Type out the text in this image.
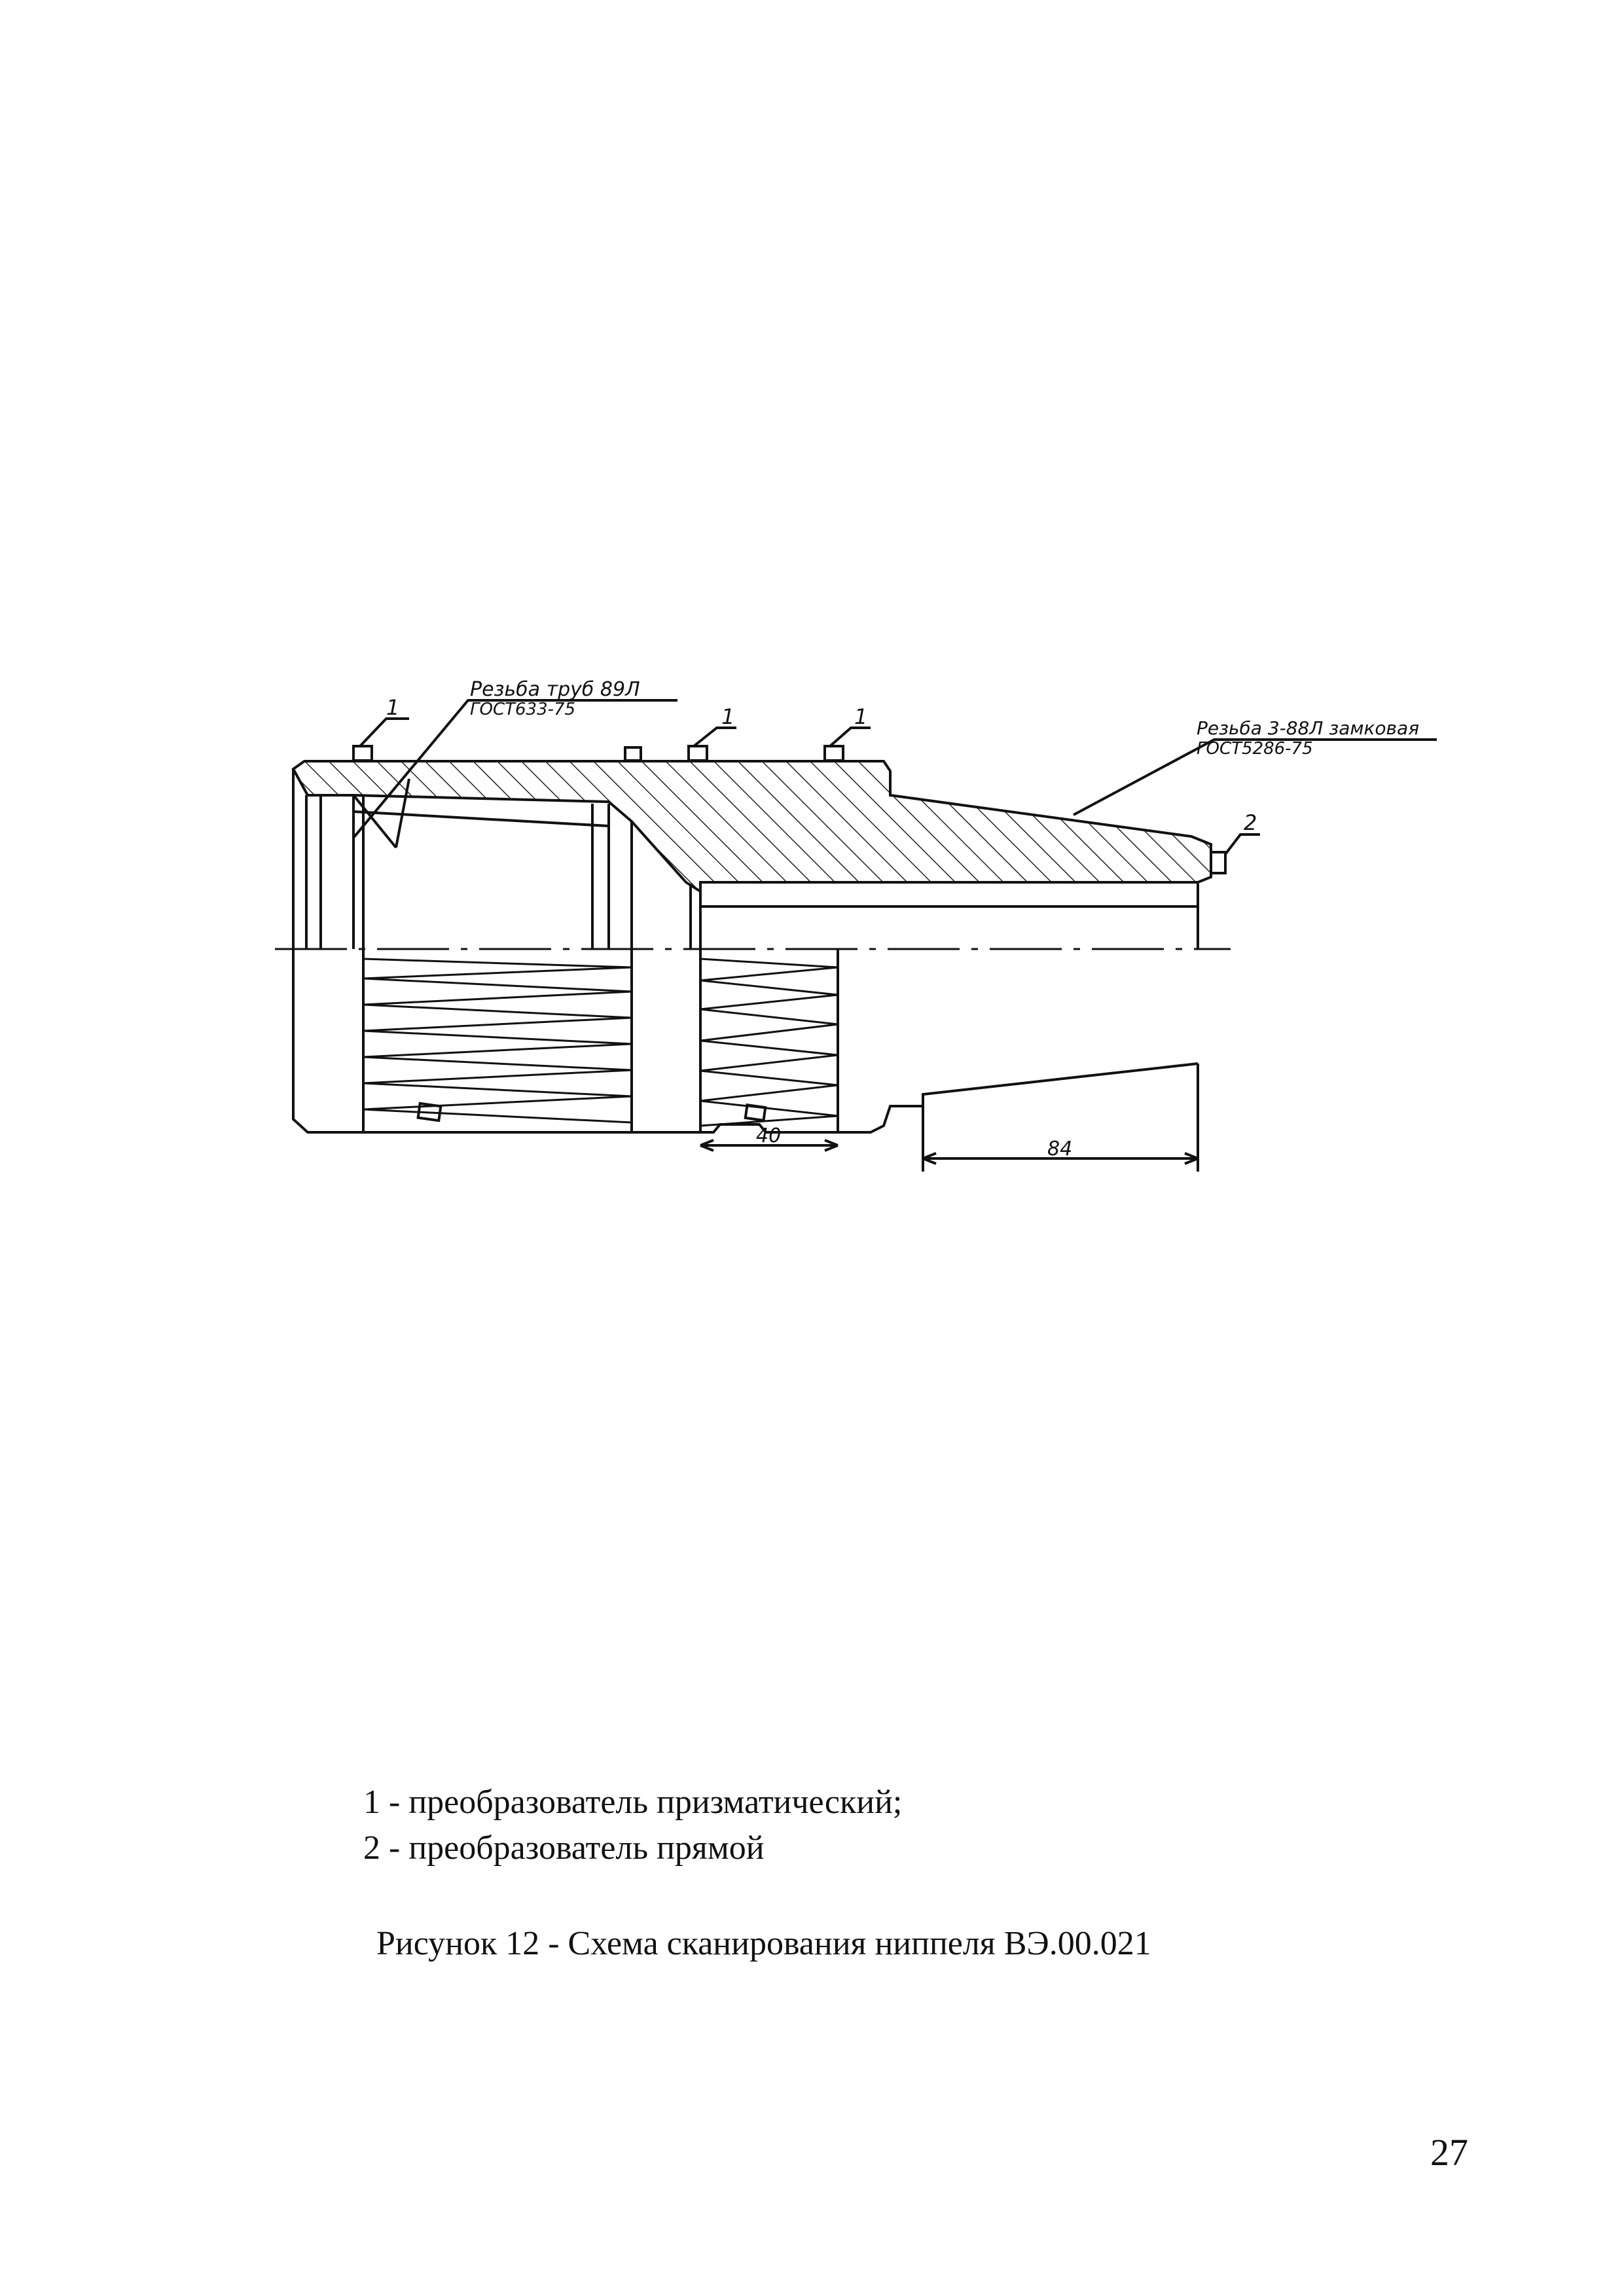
Резьба труб 89Л
ГОСТ633-75
Резьба 3-88Л замковая
ГОСТ5286-75
1	1	1
2
40
84
1 - преобразователь призматический;
2 - преобразователь прямой
Рисунок 12 - Схема сканирования ниппеля ВЭ.00.021
27
